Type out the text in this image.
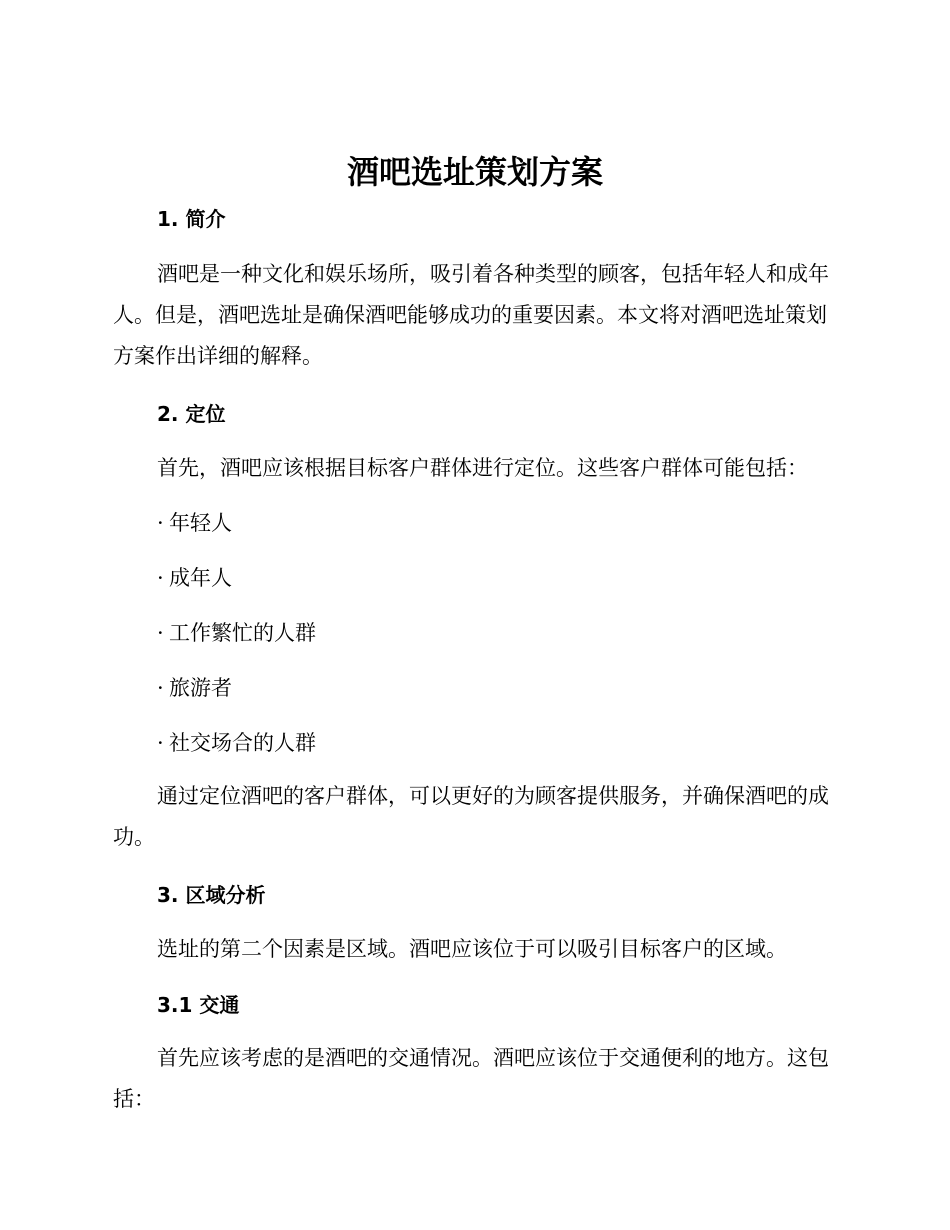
酒吧选址策划方案
1. 简介

酒吧是一种文化和娱乐场所，吸引着各种类型的顾客，包括年轻人和成年人。但是，酒吧选址是确保酒吧能够成功的重要因素。本文将对酒吧选址策划方案作出详细的解释。

2. 定位

首先，酒吧应该根据目标客户群体进行定位。这些客户群体可能包括：

· 年轻人

· 成年人

· 工作繁忙的人群

· 旅游者

· 社交场合的人群

通过定位酒吧的客户群体，可以更好的为顾客提供服务，并确保酒吧的成功。

3. 区域分析

选址的第二个因素是区域。酒吧应该位于可以吸引目标客户的区域。

3.1 交通

首先应该考虑的是酒吧的交通情况。酒吧应该位于交通便利的地方。这包括：
